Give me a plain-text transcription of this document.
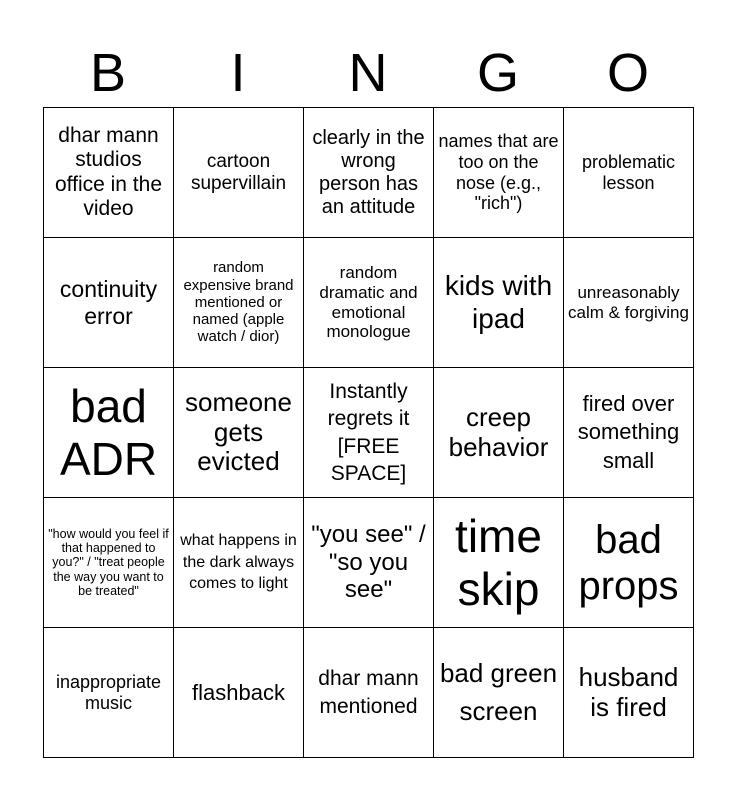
B	I	N	G	O
dhar mann studios office in the video	cartoon supervillain	clearly in the wrong person has an attitude	names that are too on the nose (e.g., "rich")	problematic lesson
continuity error	random expensive brand mentioned or named (apple watch / dior)	random dramatic and emotional monologue	kids with ipad	unreasonably calm & forgiving
bad ADR	someone gets evicted	Instantly regrets it [FREE SPACE]	creep behavior	fired over something small
"how would you feel if that happened to you?" / "treat people the way you want to be treated"	what happens in the dark always comes to light	"you see" / "so you see"	time skip	bad props
inappropriate music	flashback	dhar mann mentioned	bad green screen	husband is fired
